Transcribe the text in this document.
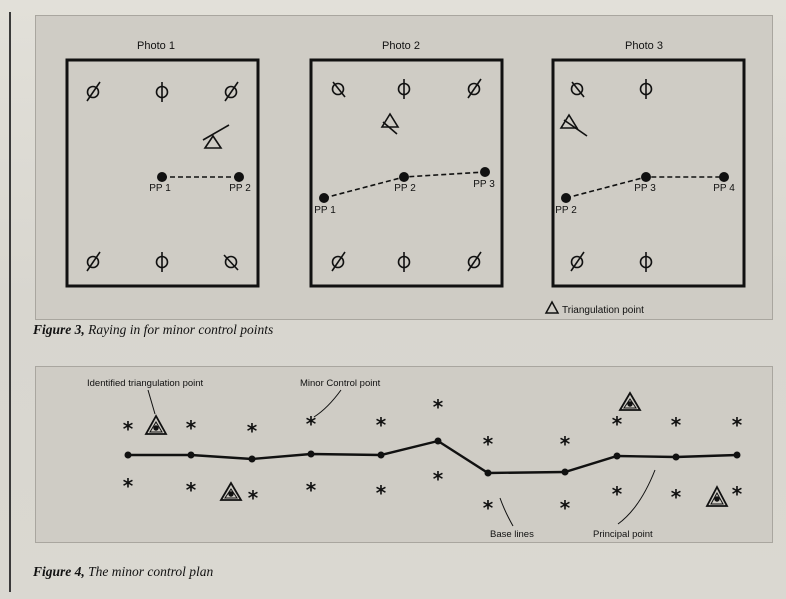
Photo 1	Photo 2	Photo 3
PP 1	PP 2
PP 1
PP 2	PP 3
PP 2
PP 3	PP 4
Triangulation point
Figure 3, Raying in for minor control points
*	*	* *	*
*
*	*
* *	*
*	*	* *	*
*
*	*
* *	*
Identified triangulation point	Minor Control point
Base lines	Principal point
Figure 4, The minor control plan
